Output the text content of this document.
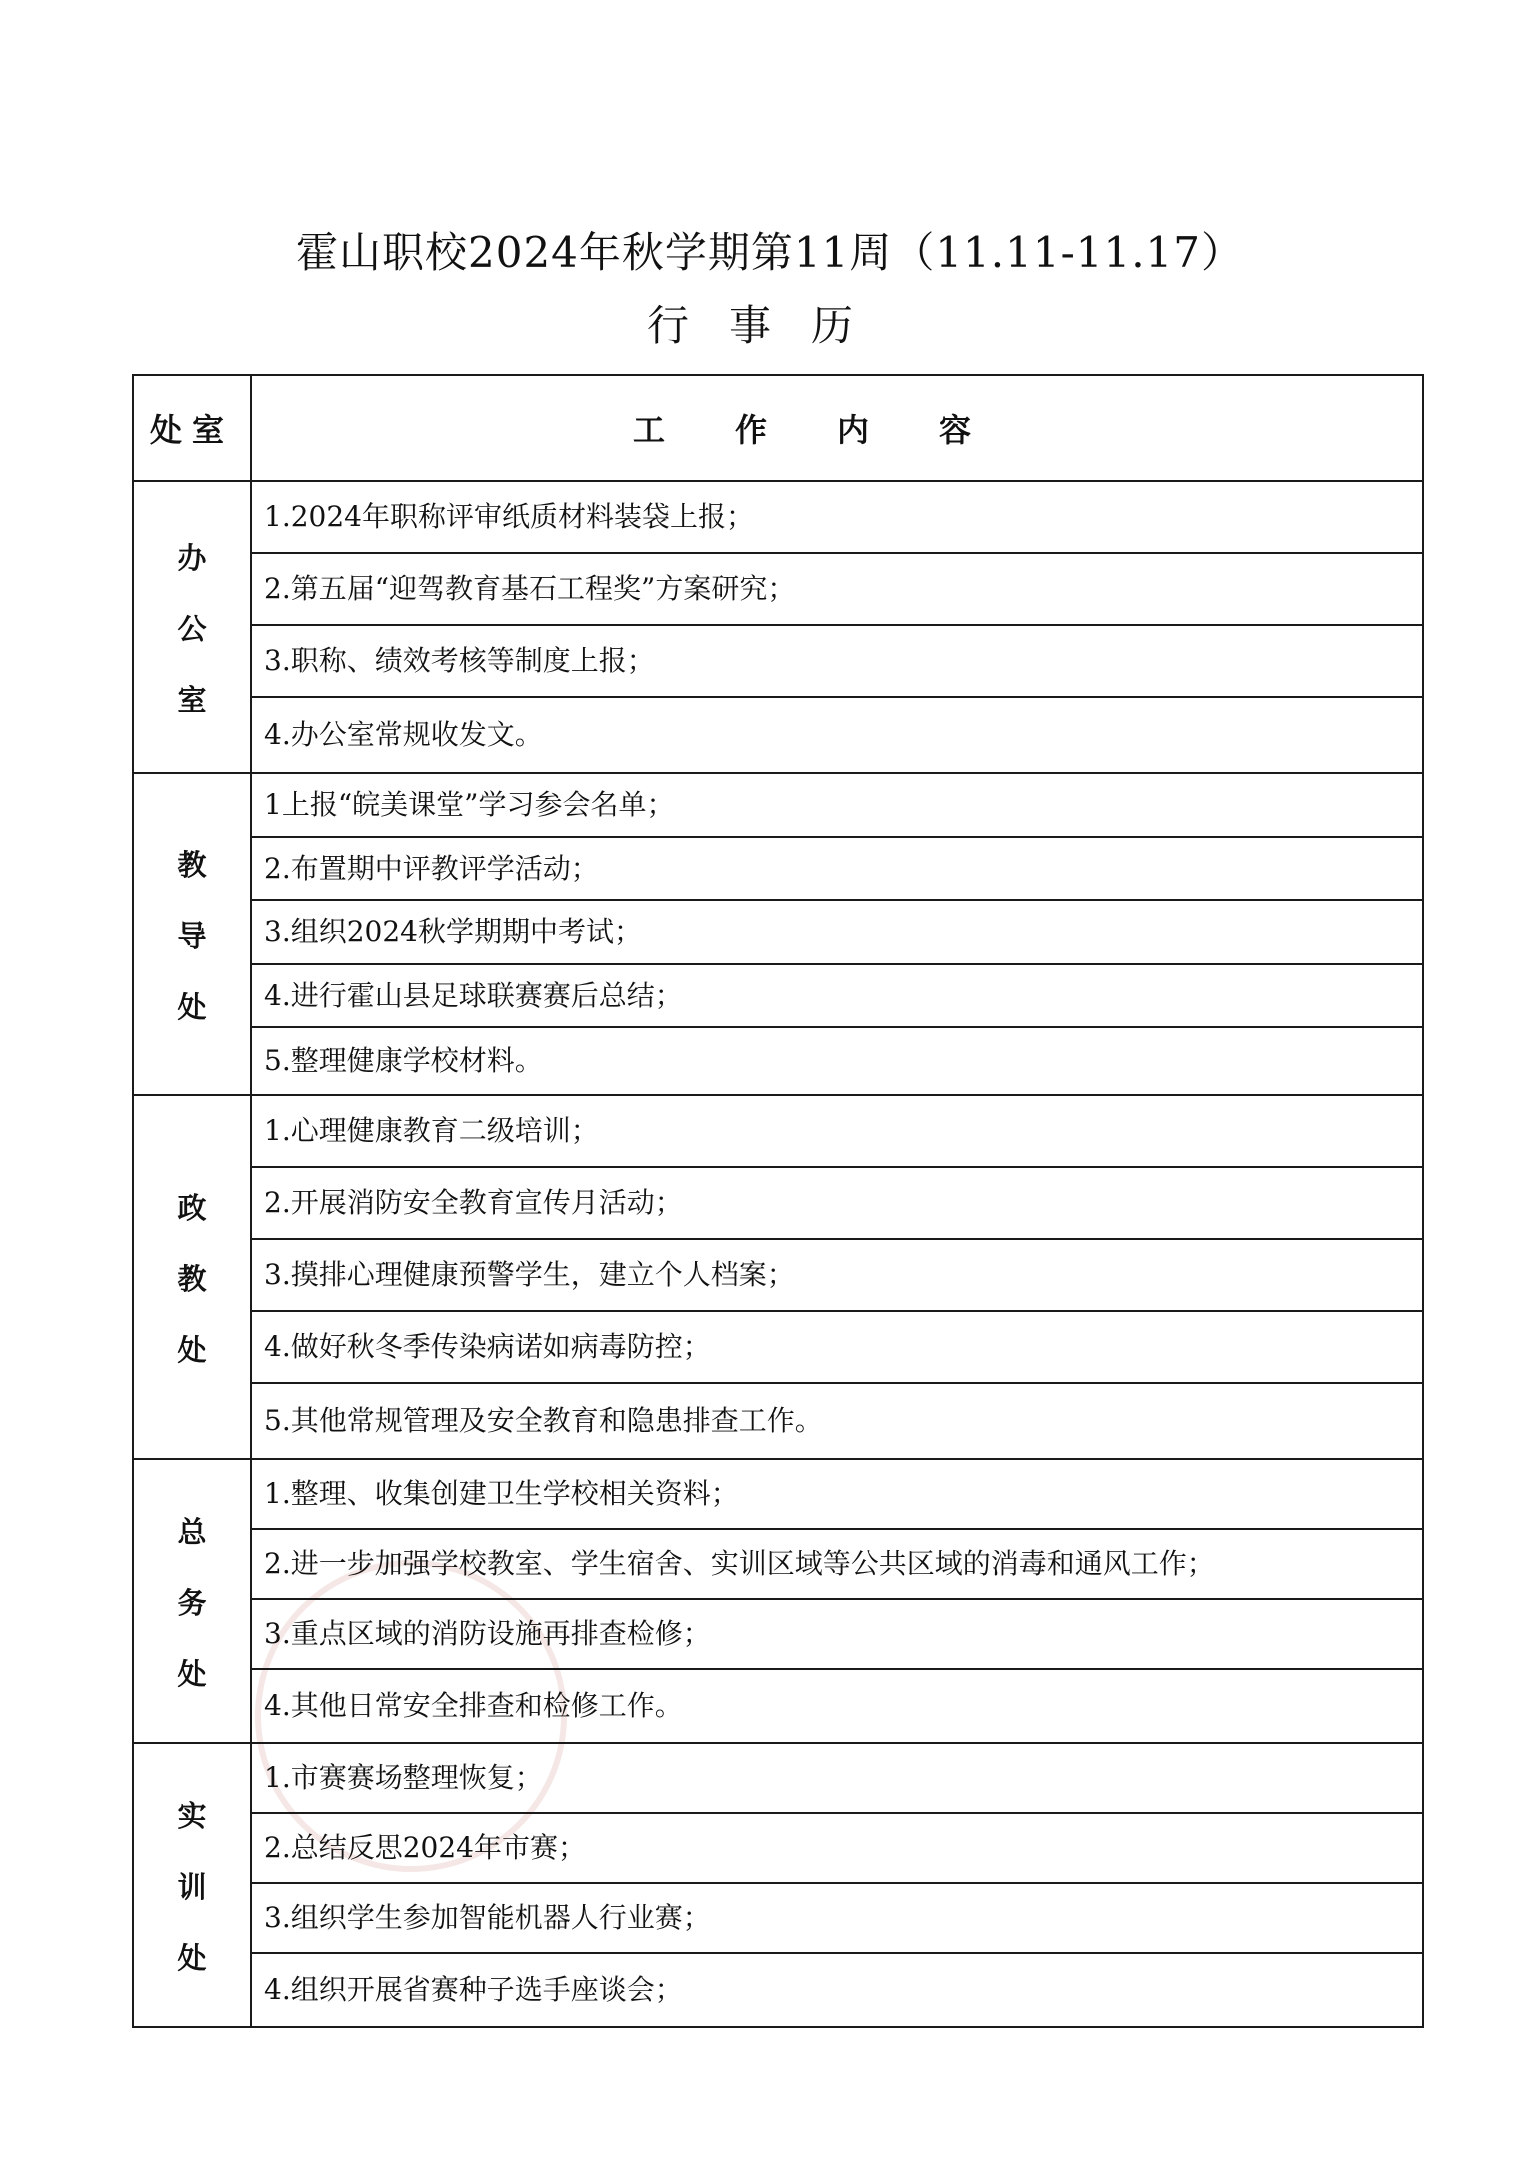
霍山职校2024年秋学期第11周（11.11-11.17）
行事历
处室	工作内容

办
公
室	1.2024年职称评审纸质材料装袋上报；
	2.第五届“迎驾教育基石工程奖”方案研究；
	3.职称、绩效考核等制度上报；
	4.办公室常规收发文。

教
导
处	1上报“皖美课堂”学习参会名单；
	2.布置期中评教评学活动；
	3.组织2024秋学期期中考试；
	4.进行霍山县足球联赛赛后总结；
	5.整理健康学校材料。

政
教
处	1.心理健康教育二级培训；
	2.开展消防安全教育宣传月活动；
	3.摸排心理健康预警学生，建立个人档案；
	4.做好秋冬季传染病诺如病毒防控；
	5.其他常规管理及安全教育和隐患排查工作。

总
务
处	1.整理、收集创建卫生学校相关资料；
	2.进一步加强学校教室、学生宿舍、实训区域等公共区域的消毒和通风工作；
	3.重点区域的消防设施再排查检修；
	4.其他日常安全排查和检修工作。

实
训
处	1.市赛赛场整理恢复；
	2.总结反思2024年市赛；
	3.组织学生参加智能机器人行业赛；
	4.组织开展省赛种子选手座谈会；
